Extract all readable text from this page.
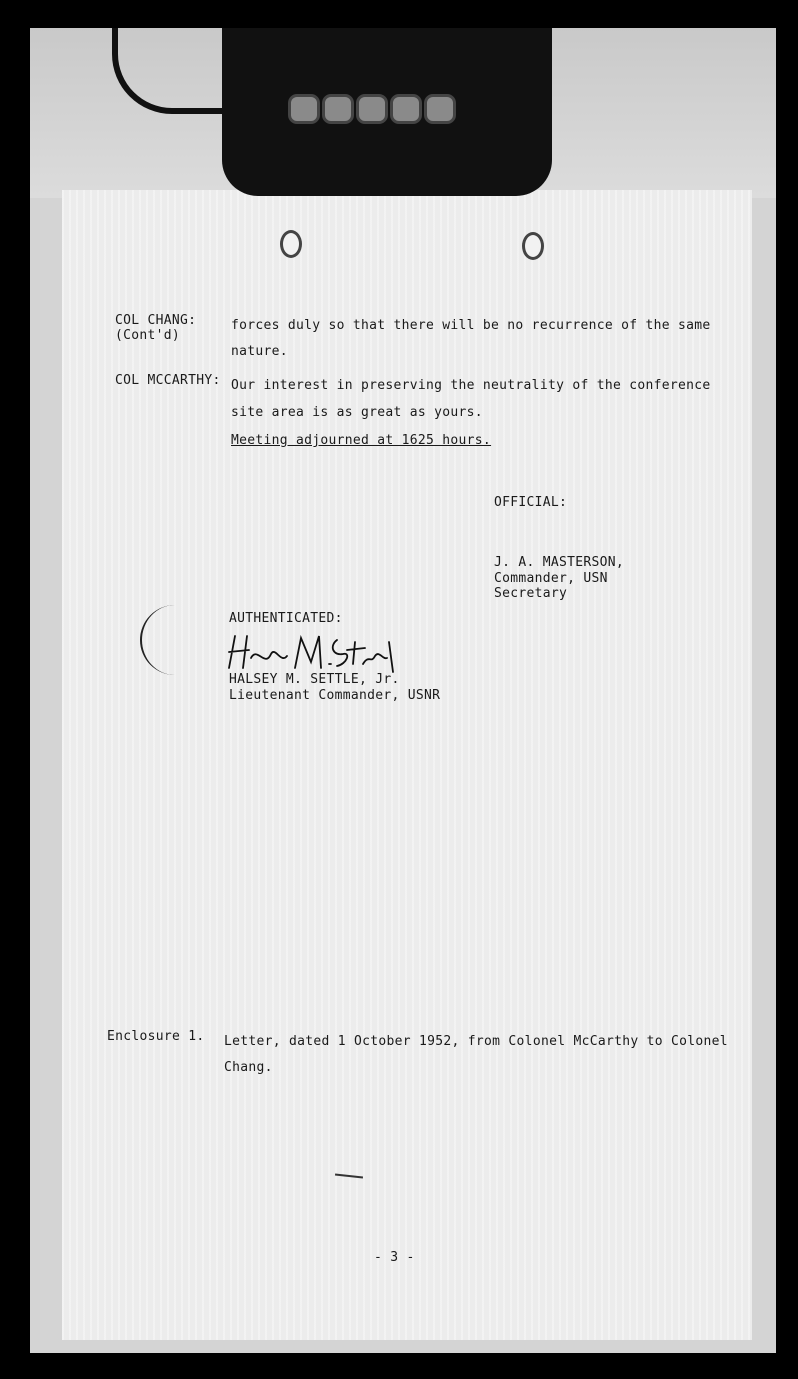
COL CHANG:
(Cont'd)
forces duly so that there will be no recurrence of the same
nature.
COL MCCARTHY: Our interest in preserving the neutrality of the conference
site area is as great as yours.
Meeting adjourned at 1625 hours.
OFFICIAL:
J. A. MASTERSON,
Commander, USN
Secretary
AUTHENTICATED:
HALSEY M. SETTLE, Jr.
Lieutenant Commander, USNR
Enclosure 1. Letter, dated 1 October 1952, from Colonel McCarthy to Colonel
Chang.
- 3 -
